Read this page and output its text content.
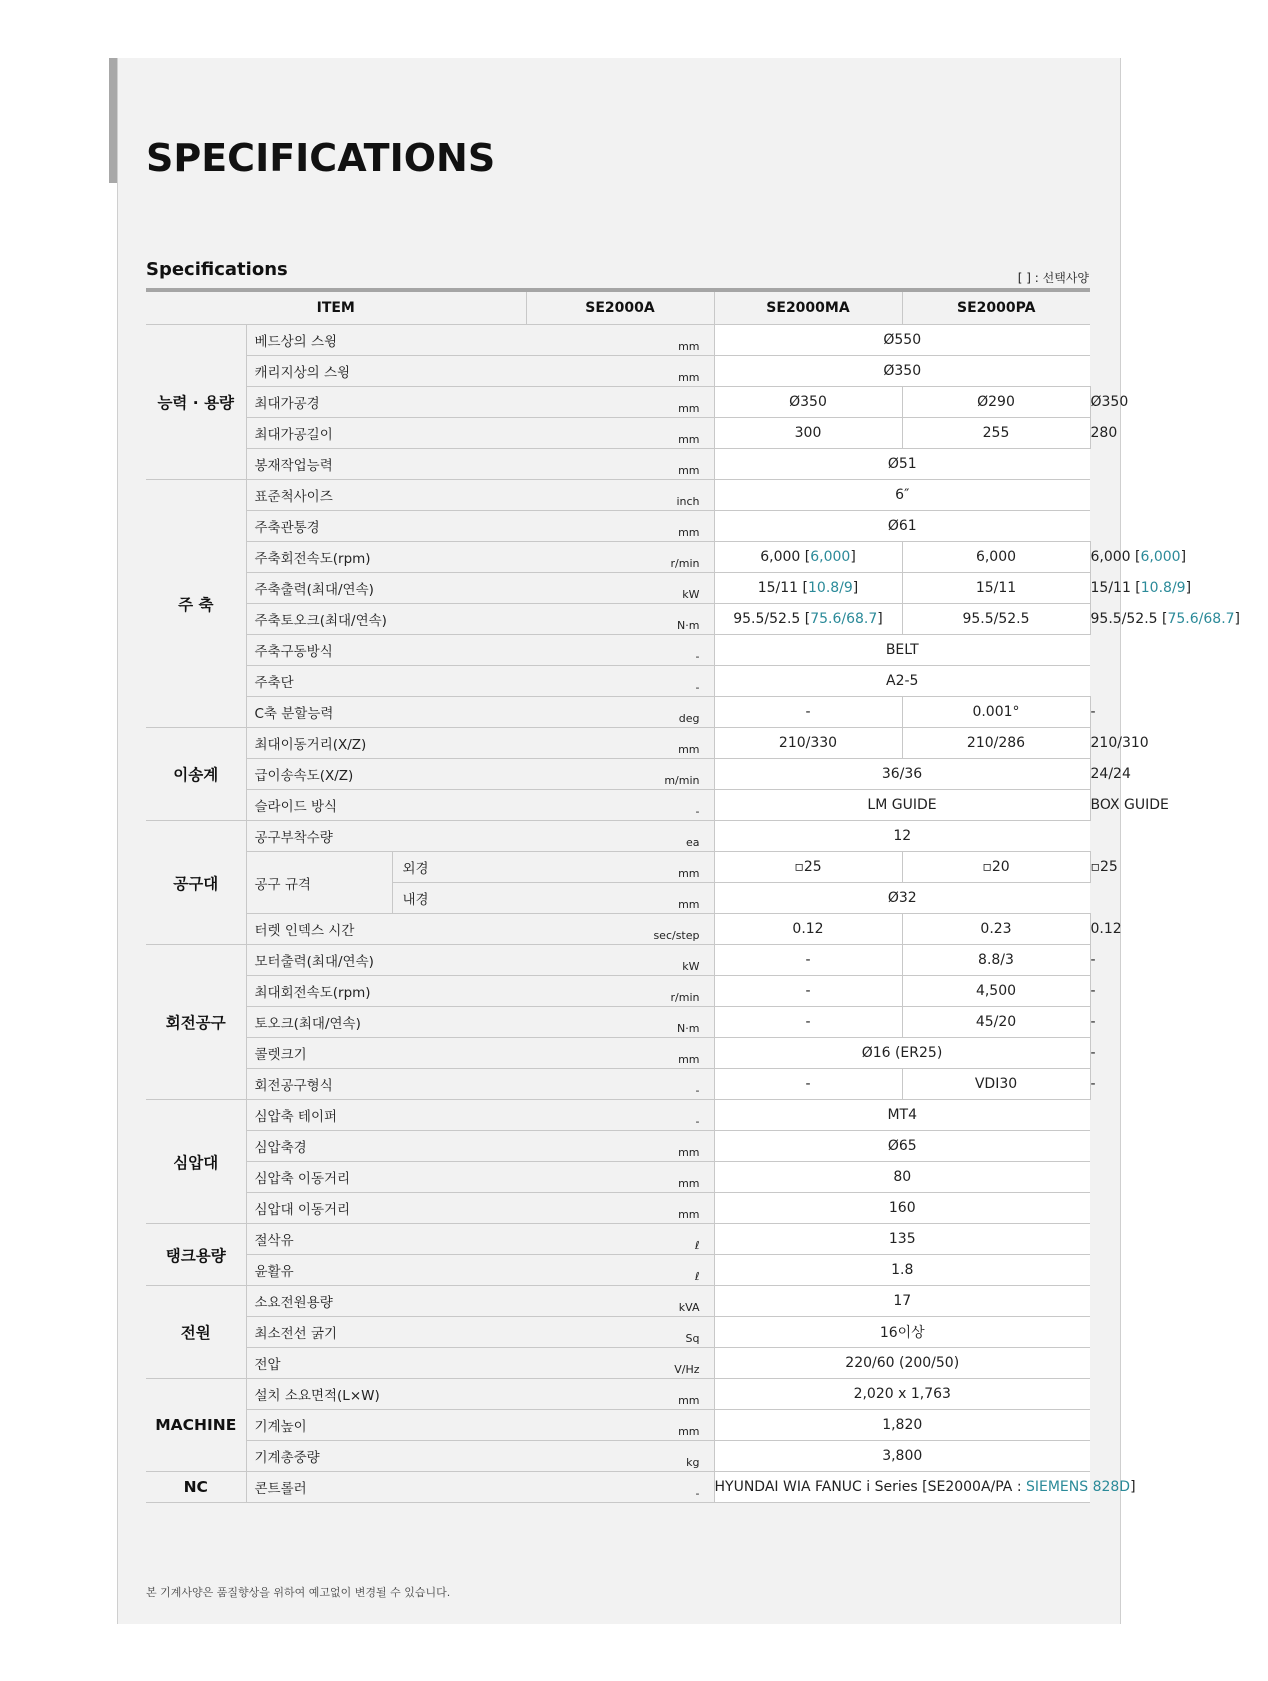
SPECIFICATIONS
Specifications	[ ] : 선택사양
ITEM			SE2000A	SE2000MA	SE2000PA	
능력 · 용량	베드상의 스윙		mm	Ø550		
	캐리지상의 스윙		mm	Ø350		
	최대가공경		mm	Ø350	Ø290	Ø350
	최대가공길이		mm	300	255	280
	봉재작업능력		mm	Ø51		
주 축	표준척사이즈		inch	6″		
	주축관통경		mm	Ø61		
	주축회전속도(rpm)		r/min	6,000 [6,000]	6,000	6,000 [6,000]
	주축출력(최대/연속)		kW	15/11 [10.8/9]	15/11	15/11 [10.8/9]
	주축토오크(최대/연속)		N·m	95.5/52.5 [75.6/68.7]	95.5/52.5	95.5/52.5 [75.6/68.7]
	주축구동방식		-	BELT		
	주축단		-	A2-5		
	C축 분할능력		deg	-	0.001°	-
이송계	최대이동거리(X/Z)		mm	210/330	210/286	210/310
	급이송속도(X/Z)		m/min	36/36		24/24
	슬라이드 방식		-	LM GUIDE		BOX GUIDE
공구대	공구부착수량		ea	12		
	공구 규격	외경	mm	▫25	▫20	▫25
		내경	mm	Ø32		
	터렛 인덱스 시간		sec/step	0.12	0.23	0.12
회전공구	모터출력(최대/연속)		kW	-	8.8/3	-
	최대회전속도(rpm)		r/min	-	4,500	-
	토오크(최대/연속)		N·m	-	45/20	-
	콜렛크기		mm	Ø16 (ER25)		-
	회전공구형식		-	-	VDI30	-
심압대	심압축 테이퍼		-	MT4		
	심압축경		mm	Ø65		
	심압축 이동거리		mm	80		
	심압대 이동거리		mm	160		
탱크용량	절삭유		ℓ	135		
	윤활유		ℓ	1.8		
전원	소요전원용량		kVA	17		
	최소전선 굵기		Sq	16이상		
	전압		V/Hz	220/60 (200/50)		
MACHINE	설치 소요면적(L×W)		mm	2,020 x 1,763		
	기계높이		mm	1,820		
	기계총중량		kg	3,800		
NC	콘트롤러		-	HYUNDAI WIA FANUC i Series [SE2000A/PA : SIEMENS 828D]		
본 기계사양은 품질향상을 위하여 예고없이 변경될 수 있습니다.
